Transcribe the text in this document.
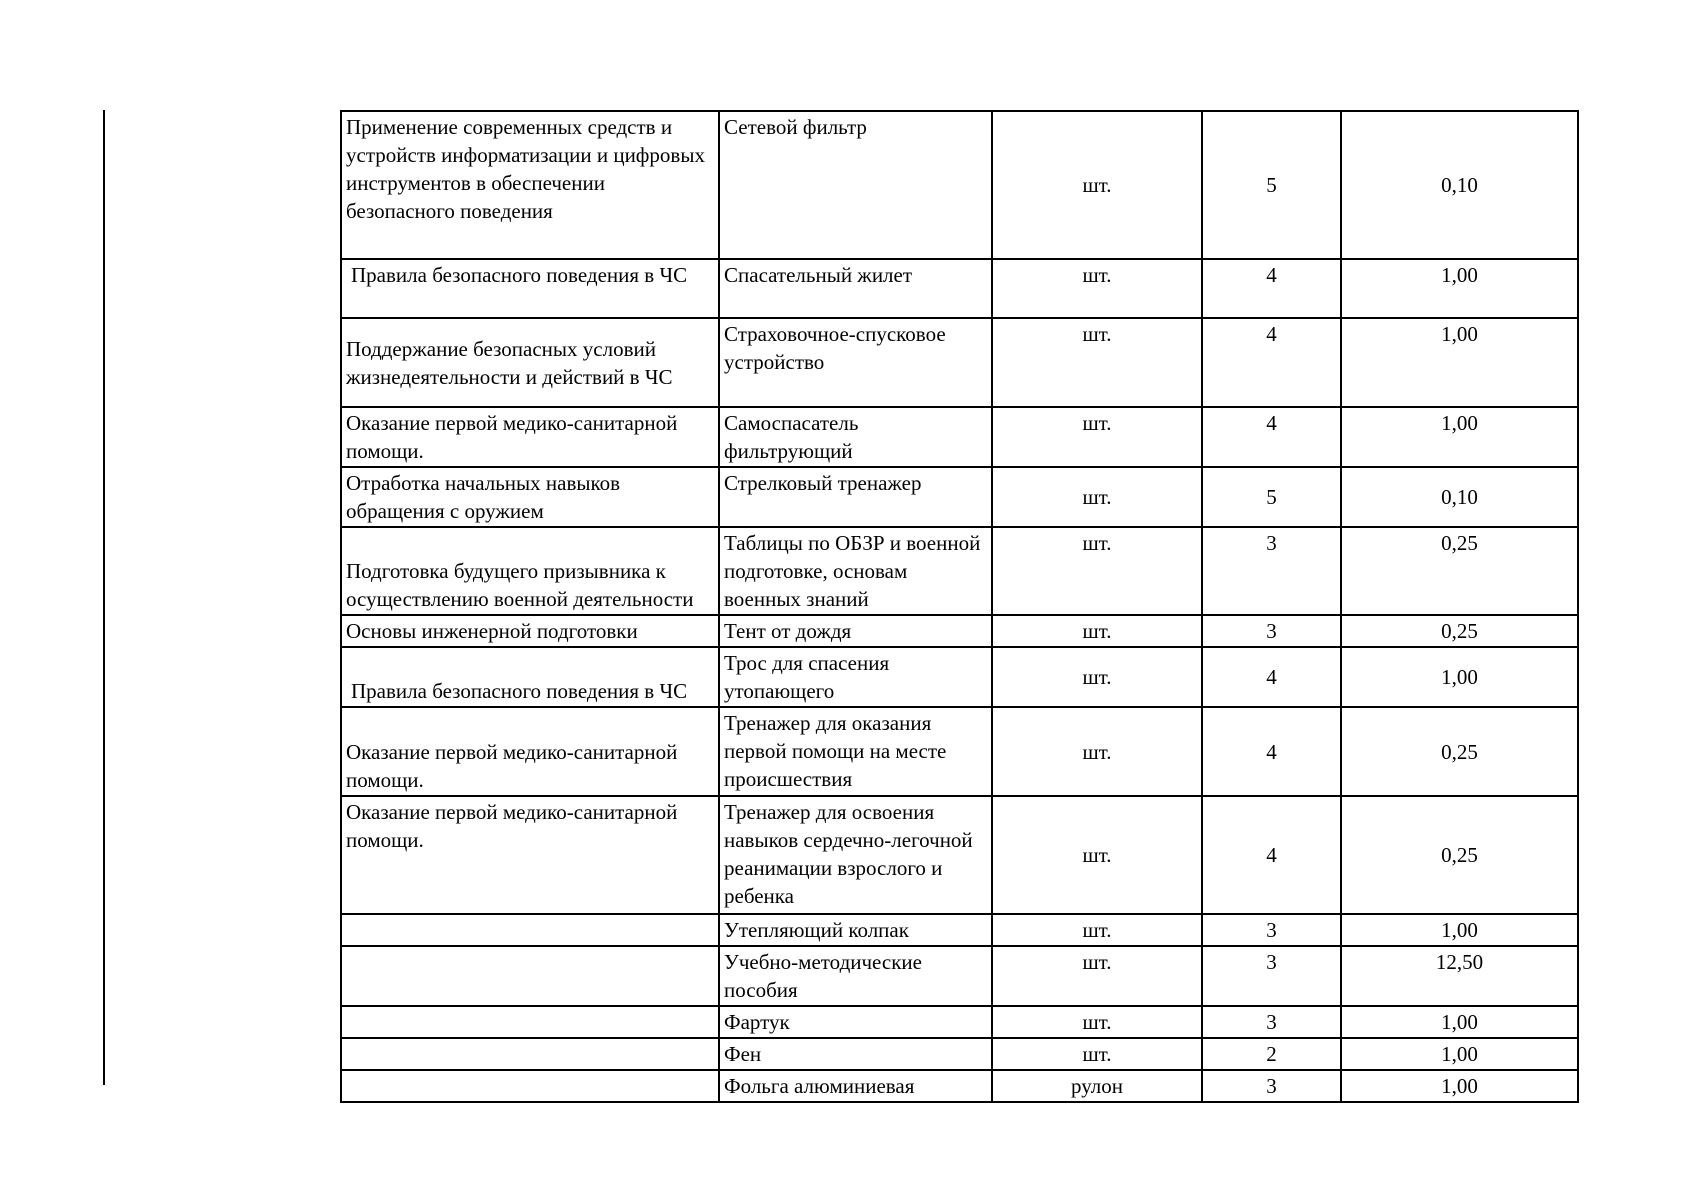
Применение современных средств и устройств информатизации и цифровых инструментов в обеспечении безопасного поведения	Сетевой фильтр	шт.	5	0,10
Правила безопасного поведения в ЧС	Спасательный жилет	шт.	4	1,00
Поддержание безопасных условий жизнедеятельности и действий в ЧС	Страховочное-спусковое устройство	шт.	4	1,00
Оказание первой медико-санитарной помощи.	Самоспасатель фильтрующий	шт.	4	1,00
Отработка начальных навыков обращения с оружием	Стрелковый тренажер	шт.	5	0,10
Подготовка будущего призывника к осуществлению военной деятельности	Таблицы по ОБЗР и военной подготовке, основам военных знаний	шт.	3	0,25
Основы инженерной подготовки	Тент от дождя	шт.	3	0,25
Правила безопасного поведения в ЧС	Трос для спасения утопающего	шт.	4	1,00
Оказание первой медико-санитарной помощи.	Тренажер для оказания первой помощи на месте происшествия	шт.	4	0,25
Оказание первой медико-санитарной помощи.	Тренажер для освоения навыков сердечно-легочной реанимации взрослого и ребенка	шт.	4	0,25
	Утепляющий колпак	шт.	3	1,00
	Учебно-методические пособия	шт.	3	12,50
	Фартук	шт.	3	1,00
	Фен	шт.	2	1,00
	Фольга алюминиевая	рулон	3	1,00
